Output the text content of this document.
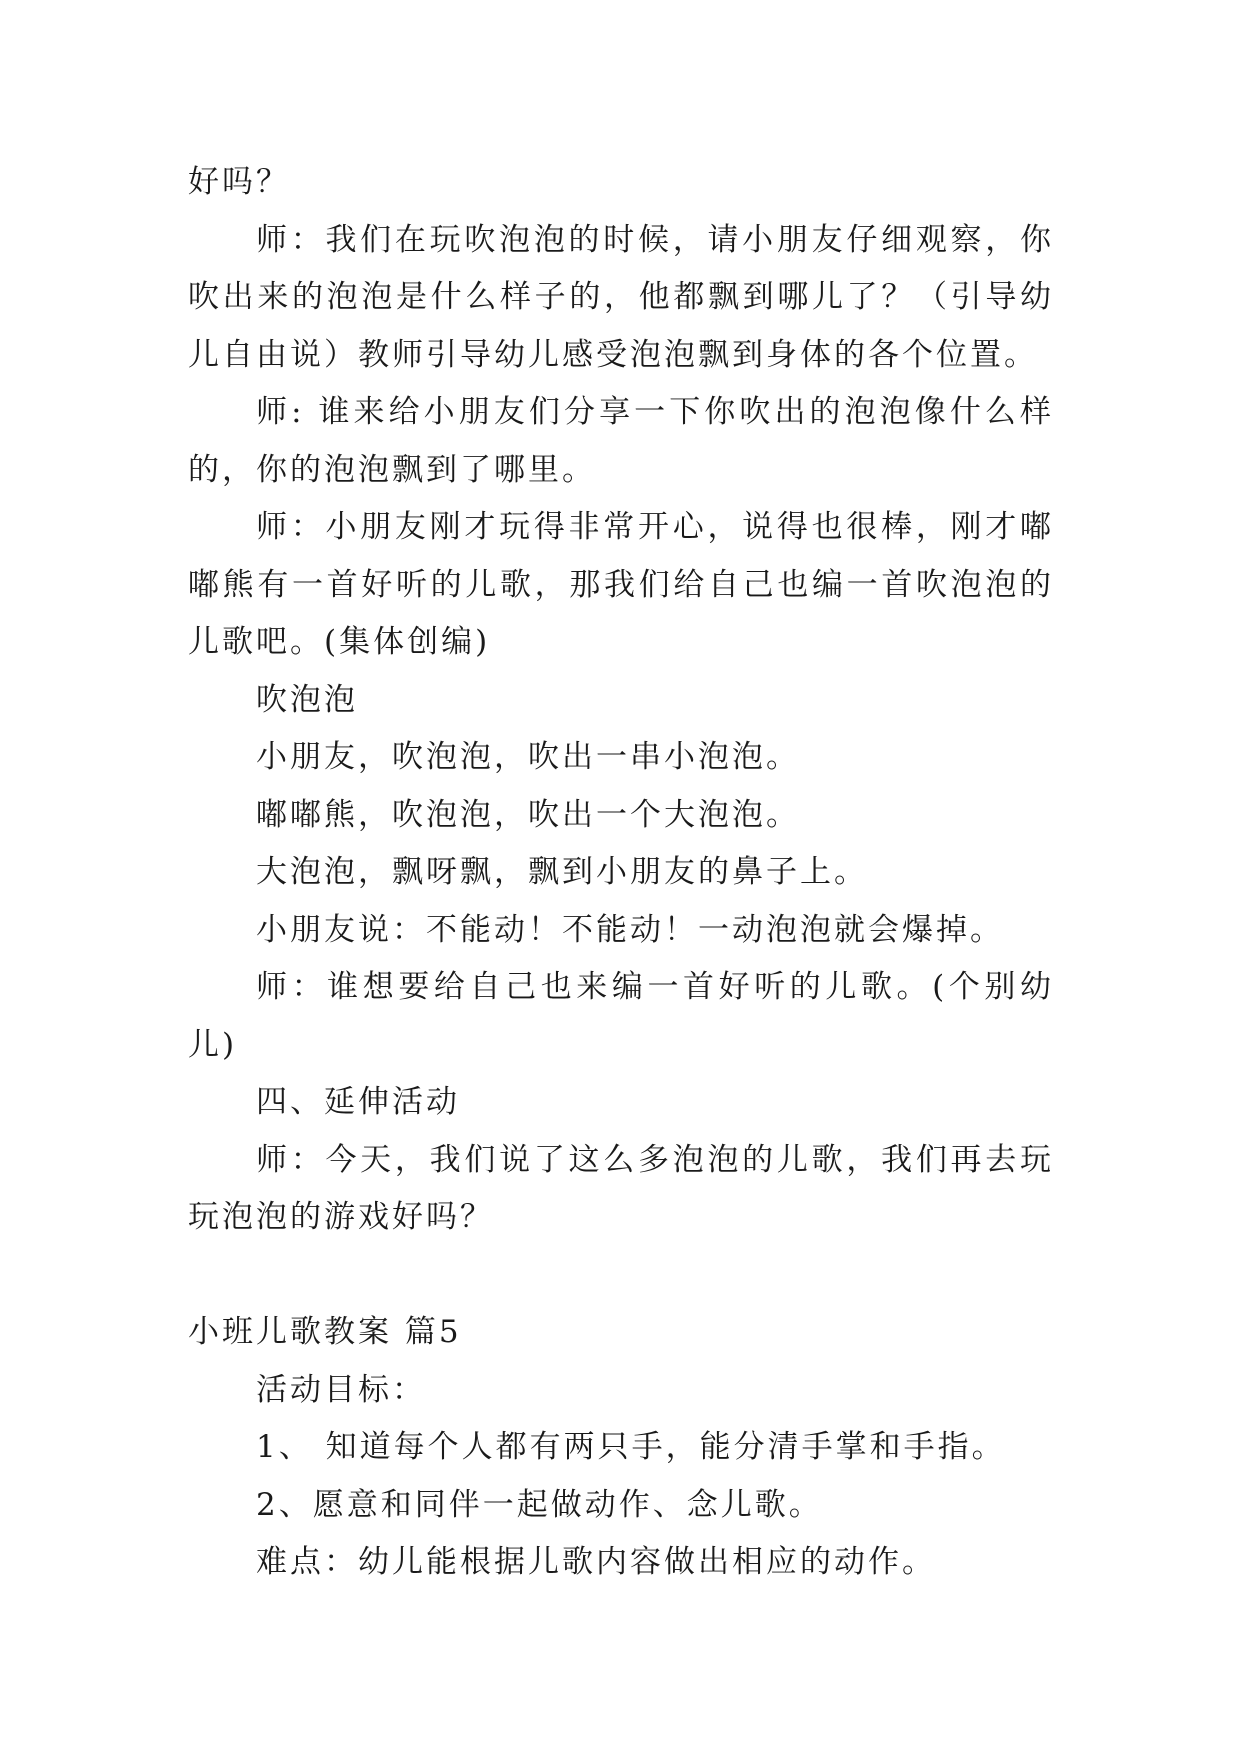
好吗？

师：我们在玩吹泡泡的时候，请小朋友仔细观察，你吹出来的泡泡是什么样子的，他都飘到哪儿了？（引导幼儿自由说）教师引导幼儿感受泡泡飘到身体的各个位置。

师: 谁来给小朋友们分享一下你吹出的泡泡像什么样的，你的泡泡飘到了哪里。

师：小朋友刚才玩得非常开心，说得也很棒，刚才嘟嘟熊有一首好听的儿歌，那我们给自己也编一首吹泡泡的儿歌吧。(集体创编)

吹泡泡

小朋友，吹泡泡，吹出一串小泡泡。

嘟嘟熊，吹泡泡，吹出一个大泡泡。

大泡泡，飘呀飘，飘到小朋友的鼻子上。

小朋友说：不能动！不能动！一动泡泡就会爆掉。

师：谁想要给自己也来编一首好听的儿歌。(个别幼儿)

四、延伸活动

师：今天，我们说了这么多泡泡的儿歌，我们再去玩玩泡泡的游戏好吗？

小班儿歌教案 篇5

活动目标：

1、 知道每个人都有两只手，能分清手掌和手指。

2、愿意和同伴一起做动作、念儿歌。

难点：幼儿能根据儿歌内容做出相应的动作。
